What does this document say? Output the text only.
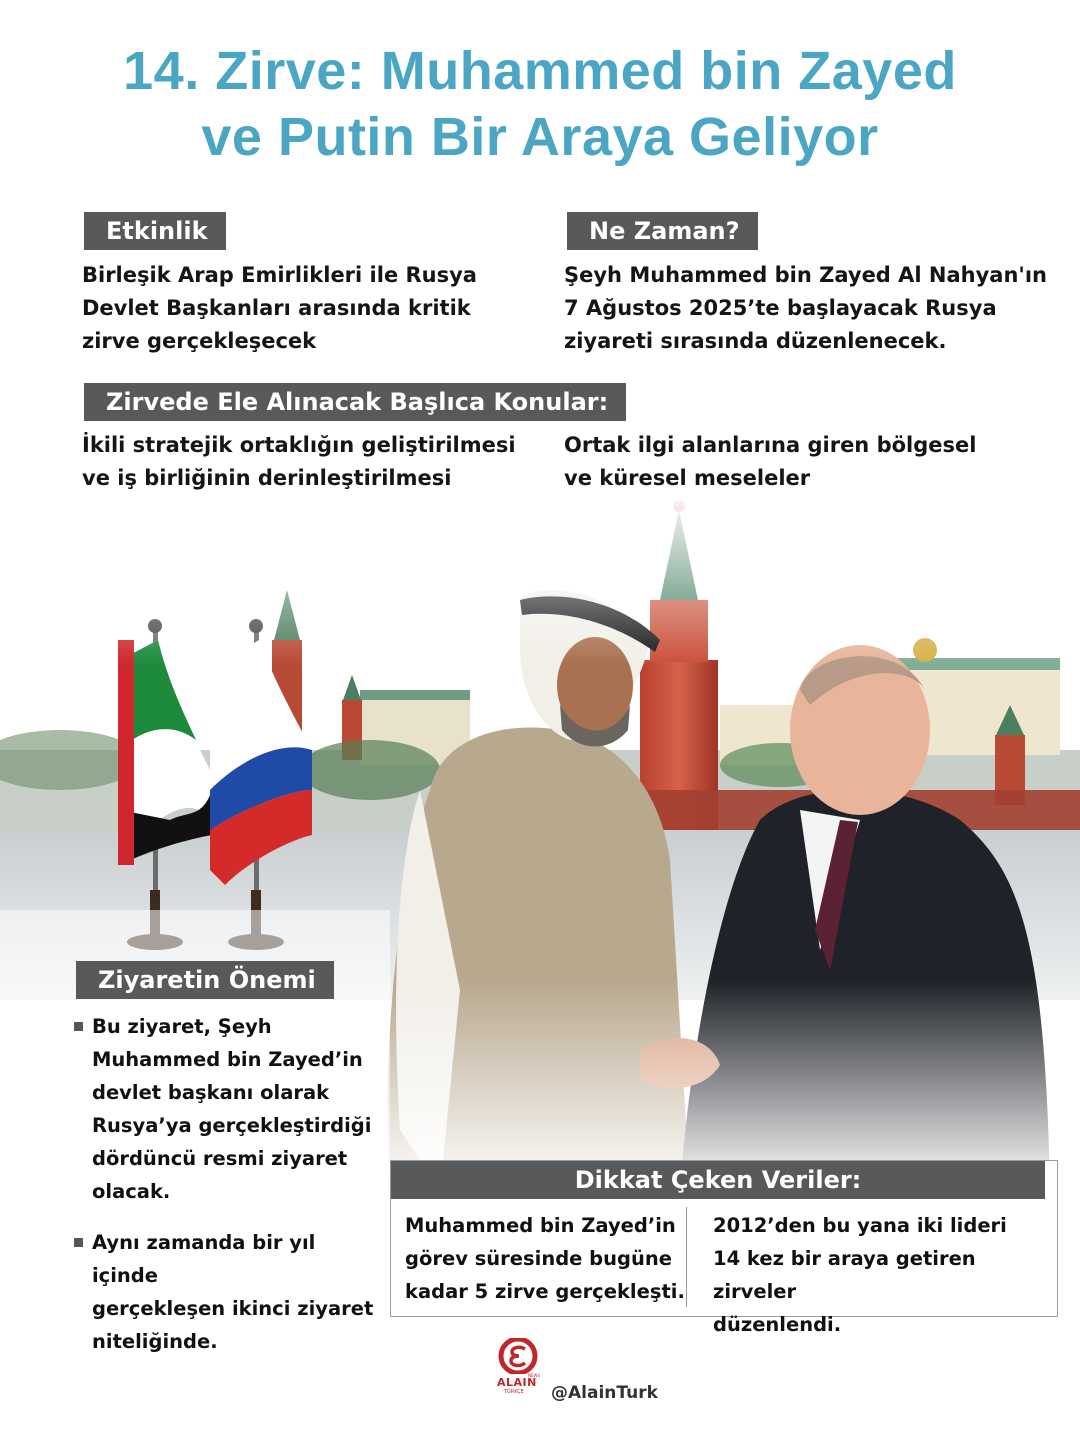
14. Zirve: Muhammed bin Zayed
ve Putin Bir Araya Geliyor
Etkinlik
Birleşik Arap Emirlikleri ile Rusya
Devlet Başkanları arasında kritik
zirve gerçekleşecek
Ne Zaman?
Şeyh Muhammed bin Zayed Al Nahyan'ın
7 Ağustos 2025’te başlayacak Rusya
ziyareti sırasında düzenlenecek.
Zirvede Ele Alınacak Başlıca Konular:
İkili stratejik ortaklığın geliştirilmesi
ve iş birliğinin derinleştirilmesi
Ortak ilgi alanlarına giren bölgesel
ve küresel meseleler
Ziyaretin Önemi
Bu ziyaret, Şeyh
Muhammed bin Zayed’in
devlet başkanı olarak
Rusya’ya gerçekleştirdiği
dördüncü resmi ziyaret
olacak.
Aynı zamanda bir yıl içinde
gerçekleşen ikinci ziyaret
niteliğinde.
Dikkat Çeken Veriler:
Muhammed bin Zayed’in
görev süresinde bugüne
kadar 5 zirve gerçekleşti.
2012’den bu yana iki lideri
14 kez bir araya getiren zirveler
düzenlendi.
ALAIN
TÜRKÇE
NEWS
@AlainTurk
